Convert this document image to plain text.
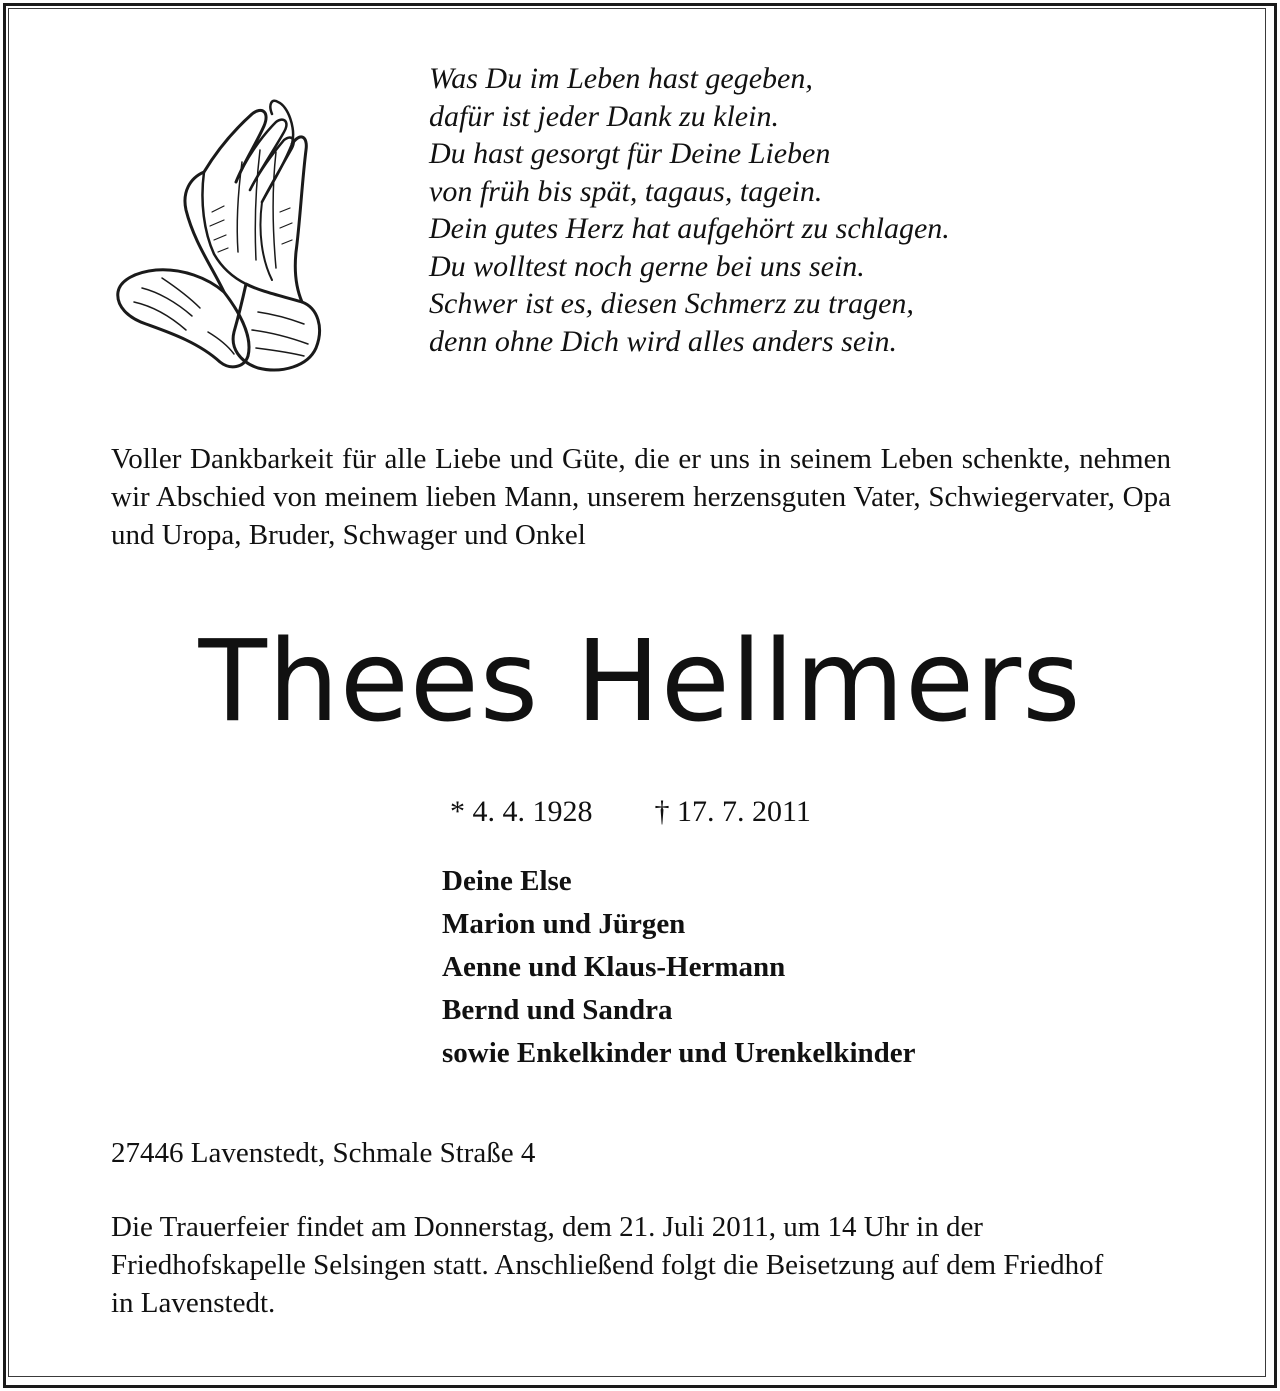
Was Du im Leben hast gegeben,
dafür ist jeder Dank zu klein.
Du hast gesorgt für Deine Lieben
von früh bis spät, tagaus, tagein.
Dein gutes Herz hat aufgehört zu schlagen.
Du wolltest noch gerne bei uns sein.
Schwer ist es, diesen Schmerz zu tragen,
denn ohne Dich wird alles anders sein.
Voller Dankbarkeit für alle Liebe und Güte, die er uns in seinem Leben schenkte, nehmen wir Abschied von meinem lieben Mann, unserem herzensguten Vater, Schwiegervater, Opa und Uropa, Bruder, Schwager und Onkel
Thees Hellmers
* 4. 4. 1928 † 17. 7. 2011
Deine Else
Marion und Jürgen
Aenne und Klaus-Hermann
Bernd und Sandra
sowie Enkelkinder und Urenkelkinder
27446 Lavenstedt, Schmale Straße 4
Die Trauerfeier findet am Donnerstag, dem 21. Juli 2011, um 14 Uhr in der Friedhofskapelle Selsingen statt. Anschließend folgt die Beisetzung auf dem Friedhof in Lavenstedt.
